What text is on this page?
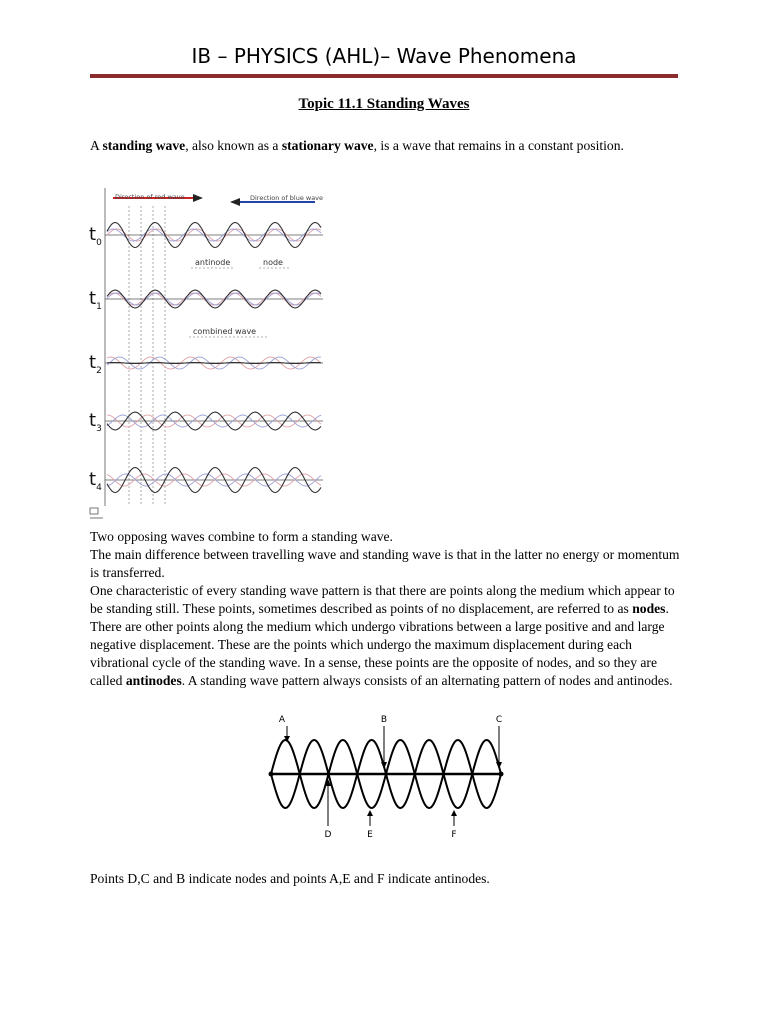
IB – PHYSICS (AHL)– Wave Phenomena
Topic 11.1 Standing Waves

A standing wave, also known as a stationary wave, is a wave that remains in a constant position.

Direction of red wave	Direction of blue wave
$t_0$
$t_1$
$t_2$
$t_3$
$t_4$
antinode	node
combined wave

Two opposing waves combine to form a standing wave.

The main difference between travelling wave and standing wave is that in the latter no energy or momentum is transferred.

One characteristic of every standing wave pattern is that there are points along the medium which appear to be standing still. These points, sometimes described as points of no displacement, are referred to as nodes. There are other points along the medium which undergo vibrations between a large positive and and large negative displacement. These are the points which undergo the maximum displacement during each vibrational cycle of the standing wave. In a sense, these points are the opposite of nodes, and so they are called antinodes. A standing wave pattern always consists of an alternating pattern of nodes and antinodes.

A	B	C
D	E	F
Points D,C and B indicate nodes and points A,E and F indicate antinodes.
